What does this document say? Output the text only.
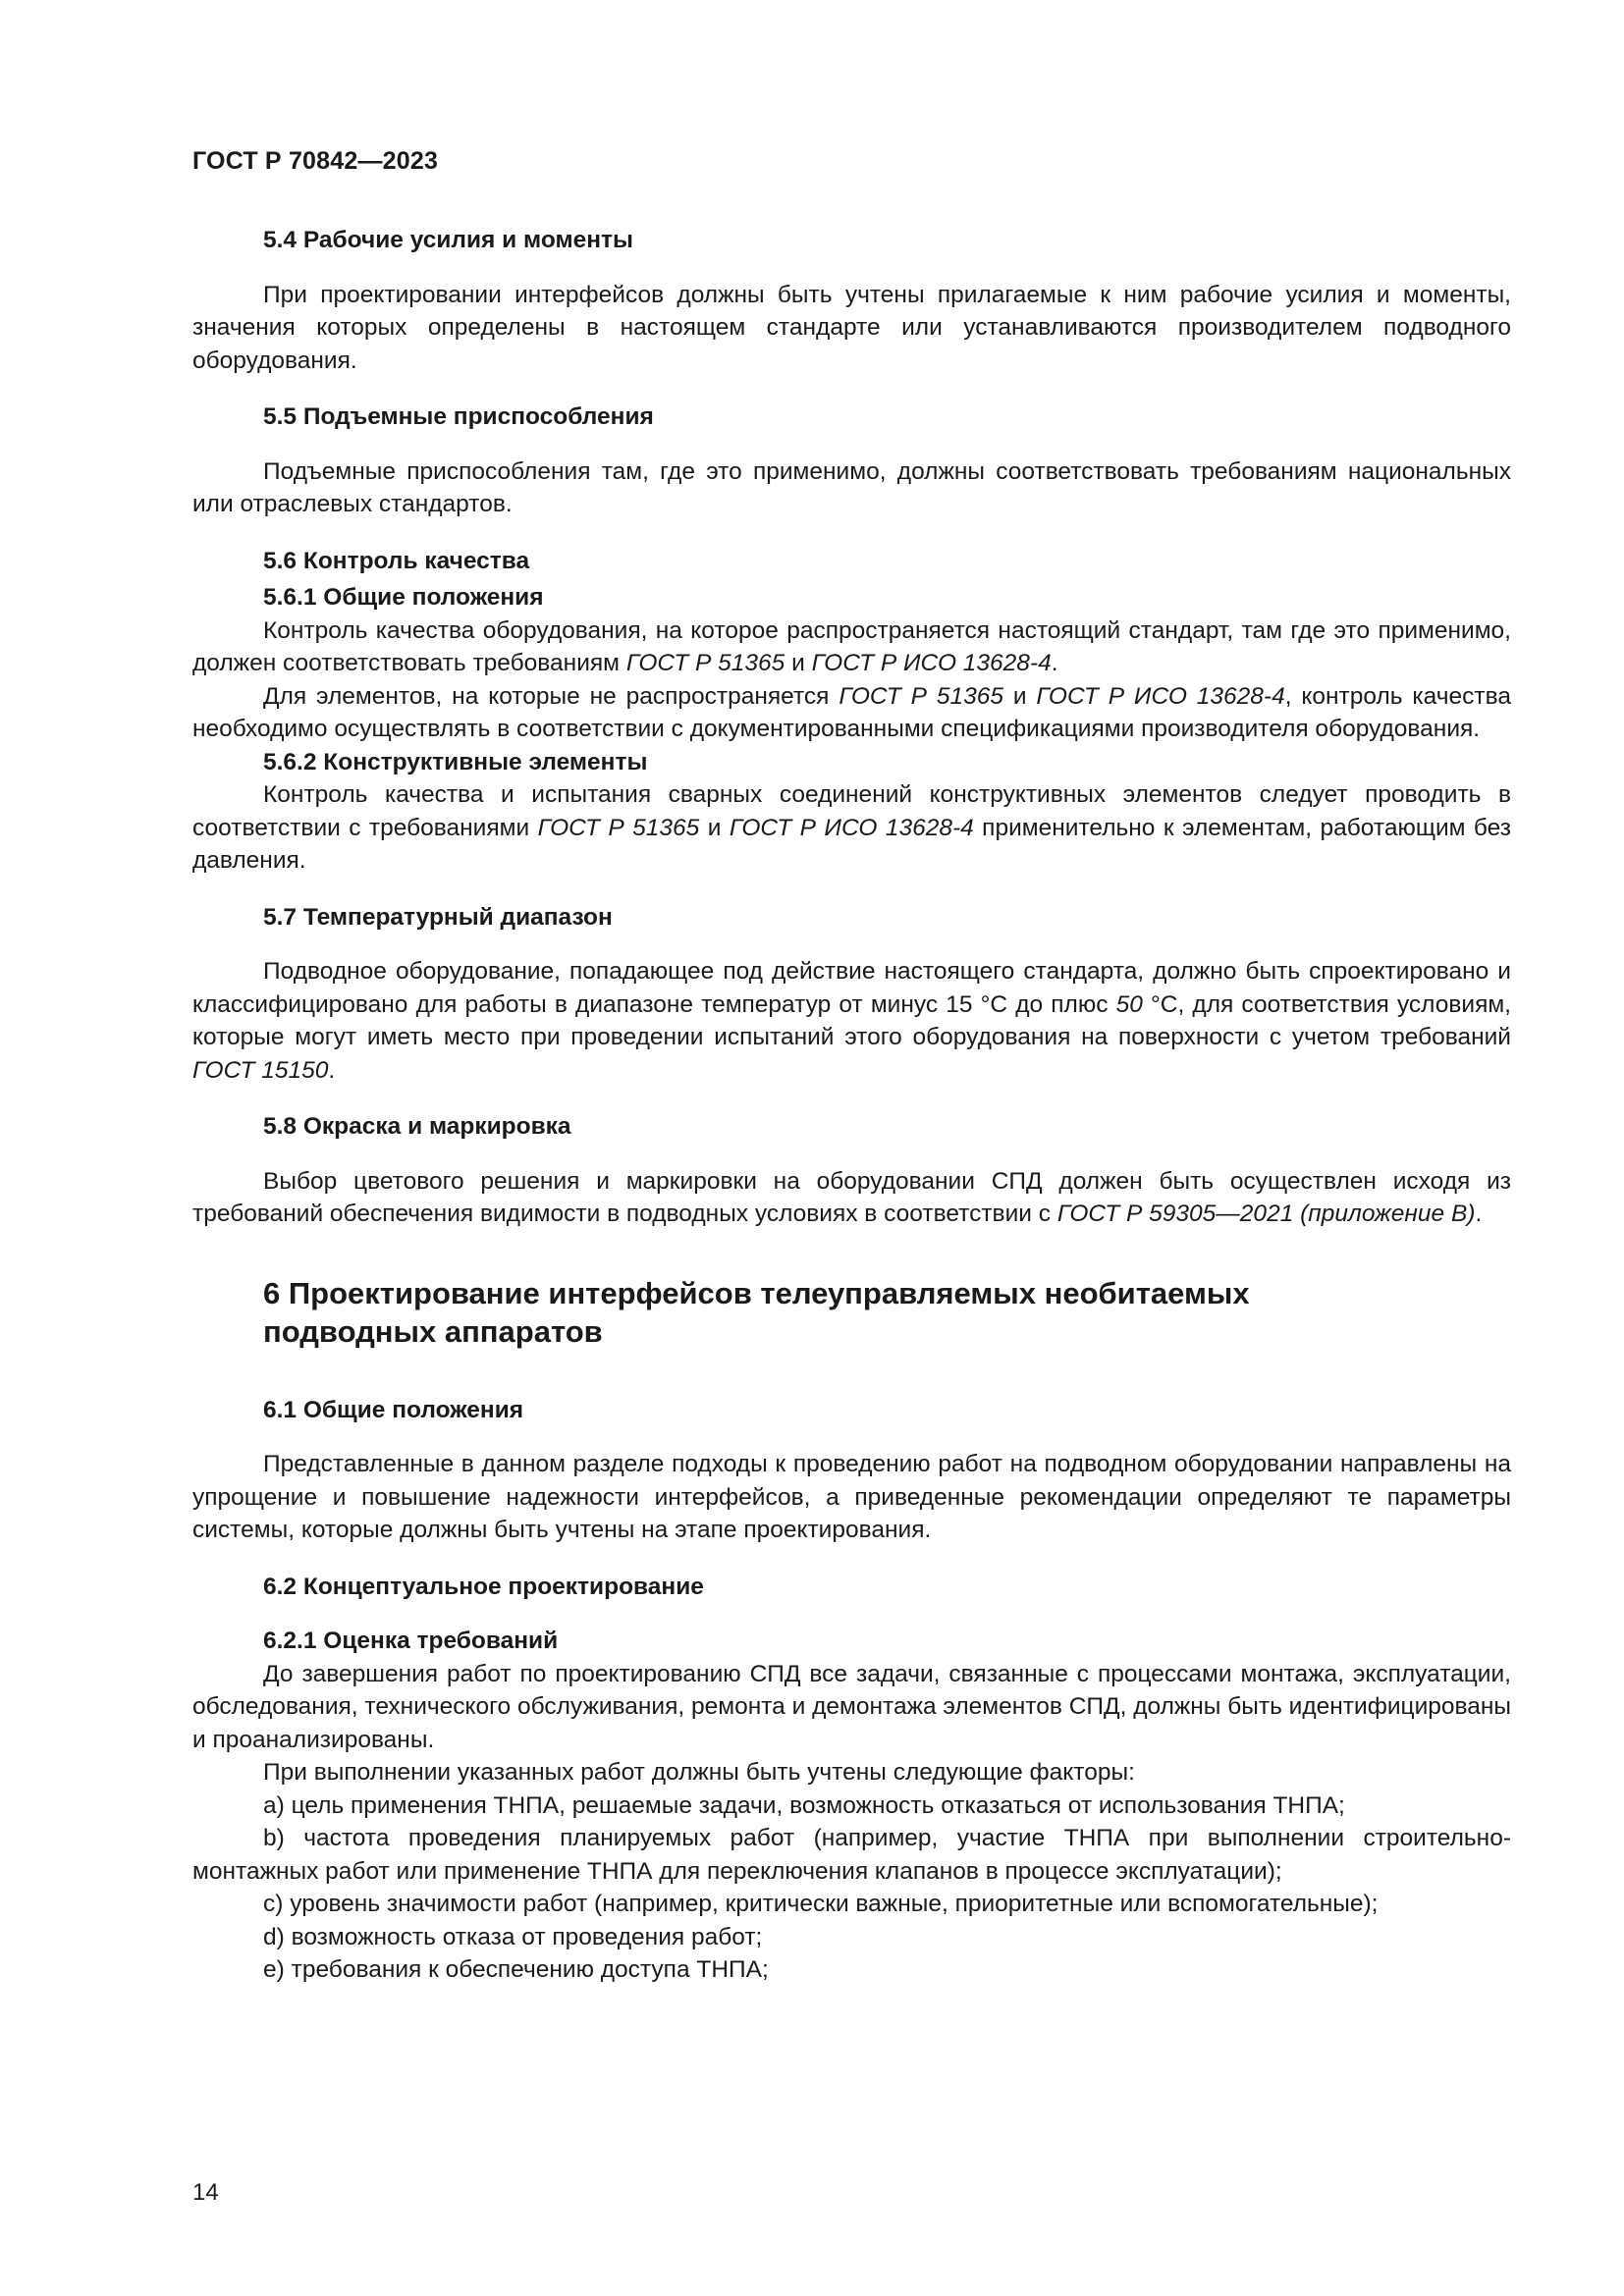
ГОСТ Р 70842—2023

5.4 Рабочие усилия и моменты

При проектировании интерфейсов должны быть учтены прилагаемые к ним рабочие усилия и моменты, значения которых определены в настоящем стандарте или устанавливаются производителем подводного оборудования.

5.5 Подъемные приспособления

Подъемные приспособления там, где это применимо, должны соответствовать требованиям национальных или отраслевых стандартов.

5.6 Контроль качества

5.6.1 Общие положения

Контроль качества оборудования, на которое распространяется настоящий стандарт, там где это применимо, должен соответствовать требованиям ГОСТ Р 51365 и ГОСТ Р ИСО 13628-4.

Для элементов, на которые не распространяется ГОСТ Р 51365 и ГОСТ Р ИСО 13628-4, контроль качества необходимо осуществлять в соответствии с документированными спецификациями производителя оборудования.

5.6.2 Конструктивные элементы

Контроль качества и испытания сварных соединений конструктивных элементов следует проводить в соответствии с требованиями ГОСТ Р 51365 и ГОСТ Р ИСО 13628-4 применительно к элементам, работающим без давления.

5.7 Температурный диапазон

Подводное оборудование, попадающее под действие настоящего стандарта, должно быть спроектировано и классифицировано для работы в диапазоне температур от минус 15 °С до плюс 50 °С, для соответствия условиям, которые могут иметь место при проведении испытаний этого оборудования на поверхности с учетом требований ГОСТ 15150.

5.8 Окраска и маркировка

Выбор цветового решения и маркировки на оборудовании СПД должен быть осуществлен исходя из требований обеспечения видимости в подводных условиях в соответствии с ГОСТ Р 59305—2021 (приложение В).

6 Проектирование интерфейсов телеуправляемых необитаемых подводных аппаратов

6.1 Общие положения

Представленные в данном разделе подходы к проведению работ на подводном оборудовании направлены на упрощение и повышение надежности интерфейсов, а приведенные рекомендации определяют те параметры системы, которые должны быть учтены на этапе проектирования.

6.2 Концептуальное проектирование

6.2.1 Оценка требований

До завершения работ по проектированию СПД все задачи, связанные с процессами монтажа, эксплуатации, обследования, технического обслуживания, ремонта и демонтажа элементов СПД, должны быть идентифицированы и проанализированы.

При выполнении указанных работ должны быть учтены следующие факторы:

a) цель применения ТНПА, решаемые задачи, возможность отказаться от использования ТНПА;

b) частота проведения планируемых работ (например, участие ТНПА при выполнении строительно-монтажных работ или применение ТНПА для переключения клапанов в процессе эксплуатации);

c) уровень значимости работ (например, критически важные, приоритетные или вспомогательные);

d) возможность отказа от проведения работ;

e) требования к обеспечению доступа ТНПА;

14
